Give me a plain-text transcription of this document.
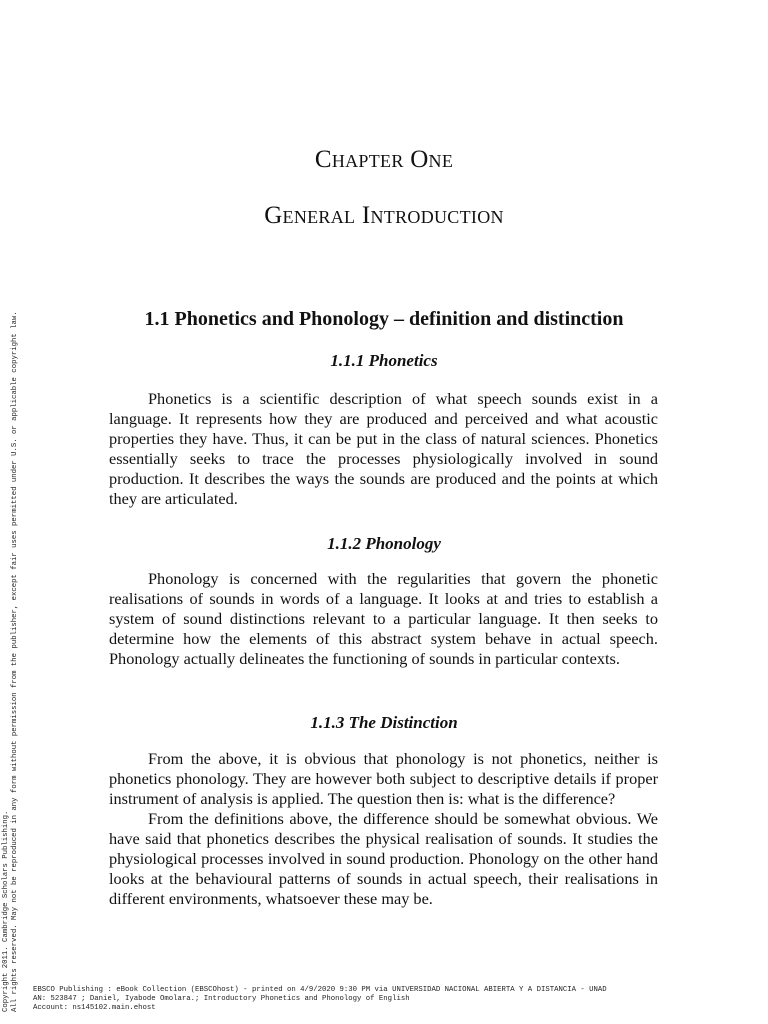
Chapter One
General Introduction
1.1 Phonetics and Phonology – definition and distinction
1.1.1 Phonetics

Phonetics is a scientific description of what speech sounds exist in a language. It represents how they are produced and perceived and what acoustic properties they have. Thus, it can be put in the class of natural sciences. Phonetics essentially seeks to trace the processes physiologically involved in sound production. It describes the ways the sounds are produced and the points at which they are articulated.

1.1.2 Phonology

Phonology is concerned with the regularities that govern the phonetic realisations of sounds in words of a language. It looks at and tries to establish a system of sound distinctions relevant to a particular language. It then seeks to determine how the elements of this abstract system behave in actual speech. Phonology actually delineates the functioning of sounds in particular contexts.

1.1.3 The Distinction

From the above, it is obvious that phonology is not phonetics, neither is phonetics phonology. They are however both subject to descriptive details if proper instrument of analysis is applied. The question then is: what is the difference?

From the definitions above, the difference should be somewhat obvious. We have said that phonetics describes the physical realisation of sounds. It studies the physiological processes involved in sound production. Phonology on the other hand looks at the behavioural patterns of sounds in actual speech, their realisations in different environments, whatsoever these may be.

Copyright 2011. Cambridge Scholars Publishing. All rights reserved. May not be reproduced in any form without permission from the publisher, except fair uses permitted under U.S. or applicable copyright law. EBSCO Publishing : eBook Collection (EBSCOhost) - printed on 4/9/2020 9:30 PM via UNIVERSIDAD NACIONAL ABIERTA Y A DISTANCIA - UNAD
AN: 523847 ; Daniel, Iyabode Omolara.; Introductory Phonetics and Phonology of English
Account: ns145102.main.ehost
